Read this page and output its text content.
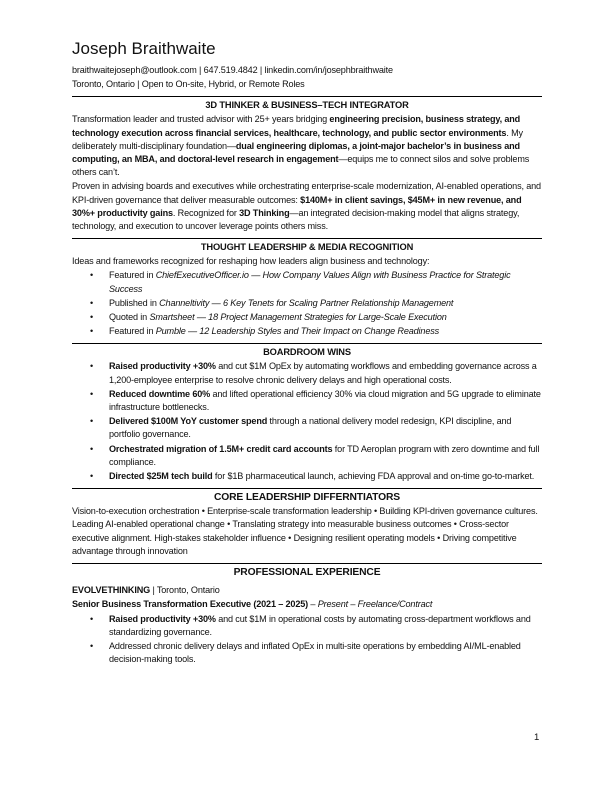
Joseph Braithwaite

braithwaitejoseph@outlook.com | 647.519.4842 | linkedin.com/in/josephbraithwaite

Toronto, Ontario | Open to On-site, Hybrid, or Remote Roles

3D THINKER & BUSINESS–TECH INTEGRATOR

Transformation leader and trusted advisor with 25+ years bridging engineering precision, business strategy, and technology execution across financial services, healthcare, technology, and public sector environments. My deliberately multi-disciplinary foundation—dual engineering diplomas, a joint-major bachelor’s in business and computing, an MBA, and doctoral-level research in engagement—equips me to connect silos and solve problems others can’t.

Proven in advising boards and executives while orchestrating enterprise-scale modernization, AI-enabled operations, and KPI-driven governance that deliver measurable outcomes: $140M+ in client savings, $45M+ in new revenue, and 30%+ productivity gains. Recognized for 3D Thinking—an integrated decision-making model that aligns strategy, technology, and execution to uncover leverage points others miss.

THOUGHT LEADERSHIP & MEDIA RECOGNITION

Ideas and frameworks recognized for reshaping how leaders align business and technology:

• Featured in ChiefExecutiveOfficer.io — How Company Values Align with Business Practice for Strategic Success
• Published in Channeltivity — 6 Key Tenets for Scaling Partner Relationship Management
• Quoted in Smartsheet — 18 Project Management Strategies for Large-Scale Execution
• Featured in Pumble — 12 Leadership Styles and Their Impact on Change Readiness
BOARDROOM WINS
• Raised productivity +30% and cut $1M OpEx by automating workflows and embedding governance across a 1,200-employee enterprise to resolve chronic delivery delays and high operational costs.
• Reduced downtime 60% and lifted operational efficiency 30% via cloud migration and 5G upgrade to eliminate infrastructure bottlenecks.
• Delivered $100M YoY customer spend through a national delivery model redesign, KPI discipline, and portfolio governance.
• Orchestrated migration of 1.5M+ credit card accounts for TD Aeroplan program with zero downtime and full compliance.
• Directed $25M tech build for $1B pharmaceutical launch, achieving FDA approval and on-time go-to-market.
CORE LEADERSHIP DIFFERNTIATORS

Vision-to-execution orchestration • Enterprise-scale transformation leadership • Building KPI-driven governance cultures. Leading AI-enabled operational change • Translating strategy into measurable business outcomes • Cross-sector executive alignment. High-stakes stakeholder influence • Designing resilient operating models • Driving competitive advantage through innovation

PROFESSIONAL EXPERIENCE

EVOLVETHINKING | Toronto, Ontario

Senior Business Transformation Executive (2021 – 2025) – Present – Freelance/Contract

• Raised productivity +30% and cut $1M in operational costs by automating cross-department workflows and standardizing governance.
• Addressed chronic delivery delays and inflated OpEx in multi-site operations by embedding AI/ML-enabled decision-making tools.
1
